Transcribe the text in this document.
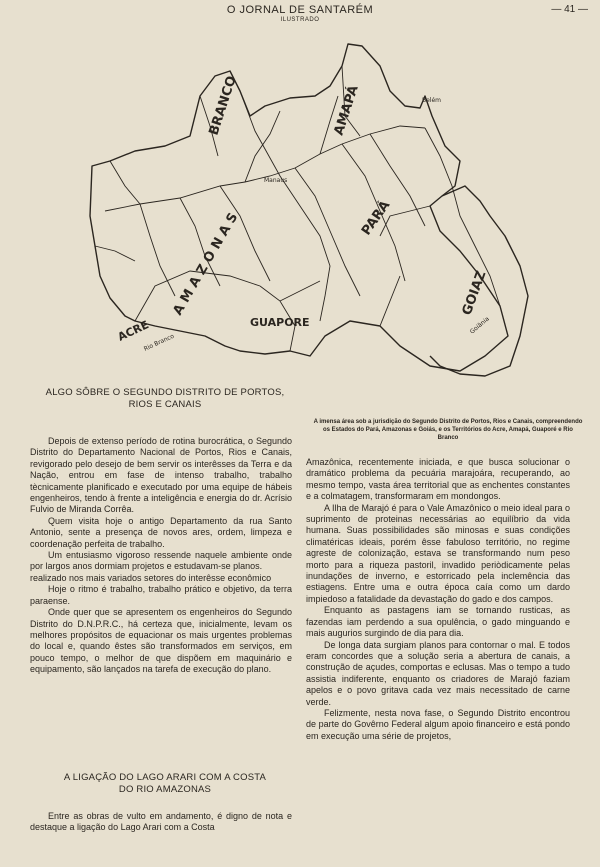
O JORNAL DE SANTARÉM
ILUSTRADO
— 41 —
BRANCO	AMAPÁ
PARÁ
A M A Z O N A S	GOIAZ
ACRE	GUAPORE
Manaus
Belém
Goiânia
Rio Branco
A imensa área sob a jurisdição do Segundo Distrito de Portos, Rios e Canais, compreendendo os Estados do Pará, Amazonas e Goiás, e os Territórios do Acre, Amapá, Guaporé e Rio Branco
ALGO SÔBRE O SEGUNDO DISTRITO DE PORTOS,
RIOS E CANAIS

Depois de extenso período de rotina burocrática, o Segundo Distrito do Departamento Nacional de Portos, Rios e Canais, revigorado pelo desejo de bem servir os interêsses da Terra e da Nação, entrou em fase de intenso trabalho, trabalho tècnicamente planificado e executado por uma equipe de hábeis engenheiros, tendo à frente a inteligência e energia do dr. Acrísio Fulvio de Miranda Corrêa.

Quem visita hoje o antigo Departamento da rua Santo Antonio, sente a presença de novos ares, ordem, limpeza e coordenação perfeita de trabalho.

Um entusiasmo vigoroso ressende naquele ambiente onde por largos anos dormiam projetos e estudavam-se planos.

realizado nos mais variados setores do interêsse econômico

Hoje o ritmo é trabalho, trabalho prático e objetivo, da terra paraense.

Onde quer que se apresentem os engenheiros do Segundo Distrito do D.N.P.R.C., há certeza que, inicialmente, levam os melhores propósitos de equacionar os mais urgentes problemas do local e, quando êstes são transformados em serviços, em pouco tempo, o melhor de que dispõem em maquinário e equipamento, são lançados na tarefa de execução do plano.

A LIGAÇÃO DO LAGO ARARI COM A COSTA
DO RIO AMAZONAS

Entre as obras de vulto em andamento, é digno de nota e destaque a ligação do Lago Arari com a Costa

Amazônica, recentemente iniciada, e que busca solucionar o dramático problema da pecuária marajoára, recuperando, ao mesmo tempo, vasta área territorial que as enchentes constantes e a colmatagem, transformaram em mondongos.

A Ilha de Marajó é para o Vale Amazônico o meio ideal para o suprimento de proteinas necessárias ao equilíbrio da vida humana. Suas possibilidades são minosas e suas condições climatéricas ideais, porém êsse fabuloso território, no regime agreste de colonização, estava se transformando num peso morto para a riqueza pastoril, invadido periòdicamente pelas inundações de inverno, e estorricado pela inclemência das estiagens. Entre uma e outra época caía como um dardo impiedoso a fatalidade da devastação do gado e dos campos.

Enquanto as pastagens iam se tornando rusticas, as fazendas iam perdendo a sua opulência, o gado minguando e mais augurios surgindo de dia para dia.

De longa data surgiam planos para contornar o mal. E todos eram concordes que a solução seria a abertura de canais, a construção de açudes, comportas e eclusas. Mas o tempo a tudo assistia indiferente, enquanto os criadores de Marajó faziam apelos e o povo gritava cada vez mais necessitado de carne verde.

Felizmente, nesta nova fase, o Segundo Distrito encontrou de parte do Govêrno Federal algum apoio financeiro e está pondo em execução uma série de projetos,
